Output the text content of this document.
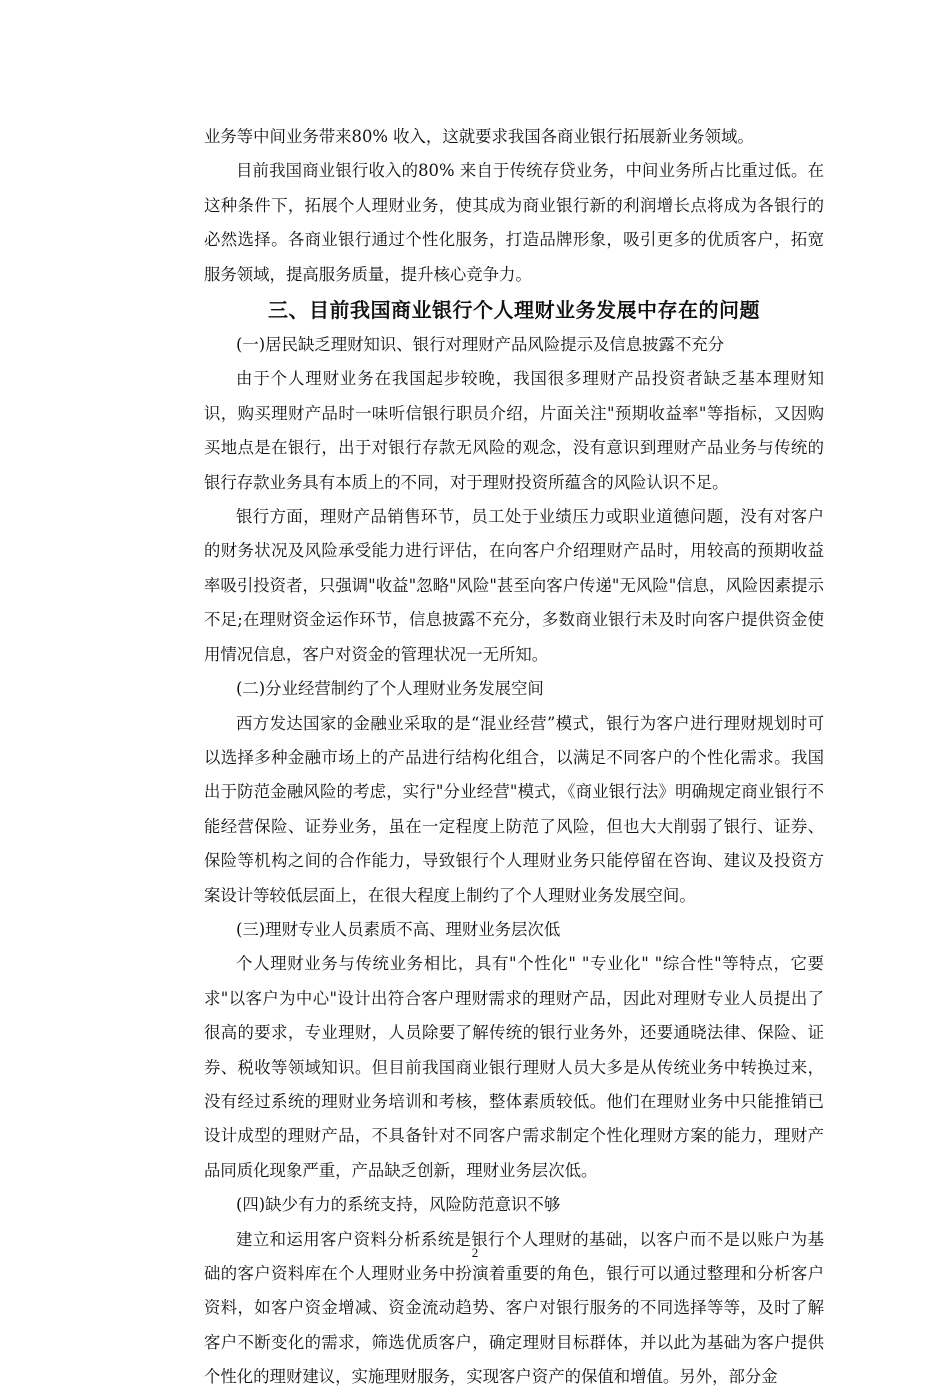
业务等中间业务带来80% 收入，这就要求我国各商业银行拓展新业务领域。

目前我国商业银行收入的80% 来自于传统存贷业务，中间业务所占比重过低。在这种条件下，拓展个人理财业务，使其成为商业银行新的利润增长点将成为各银行的必然选择。各商业银行通过个性化服务，打造品牌形象，吸引更多的优质客户，拓宽服务领域，提高服务质量，提升核心竞争力。

三、目前我国商业银行个人理财业务发展中存在的问题

(一)居民缺乏理财知识、银行对理财产品风险提示及信息披露不充分

由于个人理财业务在我国起步较晚，我国很多理财产品投资者缺乏基本理财知识，购买理财产品时一味听信银行职员介绍，片面关注"预期收益率"等指标，又因购买地点是在银行，出于对银行存款无风险的观念，没有意识到理财产品业务与传统的银行存款业务具有本质上的不同，对于理财投资所蕴含的风险认识不足。

银行方面，理财产品销售环节，员工处于业绩压力或职业道德问题，没有对客户的财务状况及风险承受能力进行评估，在向客户介绍理财产品时，用较高的预期收益率吸引投资者，只强调"收益"忽略"风险"甚至向客户传递"无风险"信息，风险因素提示不足;在理财资金运作环节，信息披露不充分，多数商业银行未及时向客户提供资金使用情况信息，客户对资金的管理状况一无所知。

(二)分业经营制约了个人理财业务发展空间

西方发达国家的金融业采取的是“混业经营”模式，银行为客户进行理财规划时可以选择多种金融市场上的产品进行结构化组合，以满足不同客户的个性化需求。我国出于防范金融风险的考虑，实行"分业经营"模式，《商业银行法》明确规定商业银行不能经营保险、证券业务，虽在一定程度上防范了风险，但也大大削弱了银行、证券、保险等机构之间的合作能力，导致银行个人理财业务只能停留在咨询、建议及投资方案设计等较低层面上，在很大程度上制约了个人理财业务发展空间。

(三)理财专业人员素质不高、理财业务层次低

个人理财业务与传统业务相比，具有"个性化" "专业化" "综合性"等特点，它要求"以客户为中心"设计出符合客户理财需求的理财产品，因此对理财专业人员提出了很高的要求，专业理财，人员除要了解传统的银行业务外，还要通晓法律、保险、证券、税收等领域知识。但目前我国商业银行理财人员大多是从传统业务中转换过来，没有经过系统的理财业务培训和考核，整体素质较低。他们在理财业务中只能推销已设计成型的理财产品，不具备针对不同客户需求制定个性化理财方案的能力，理财产品同质化现象严重，产品缺乏创新，理财业务层次低。

(四)缺少有力的系统支持，风险防范意识不够

建立和运用客户资料分析系统是银行个人理财的基础，以客户而不是以账户为基础的客户资料库在个人理财业务中扮演着重要的角色，银行可以通过整理和分析客户资料，如客户资金增减、资金流动趋势、客户对银行服务的不同选择等等，及时了解客户不断变化的需求，筛选优质客户，确定理财目标群体，并以此为基础为客户提供个性化的理财建议，实施理财服务，实现客户资产的保值和增值。另外，部分金

2
